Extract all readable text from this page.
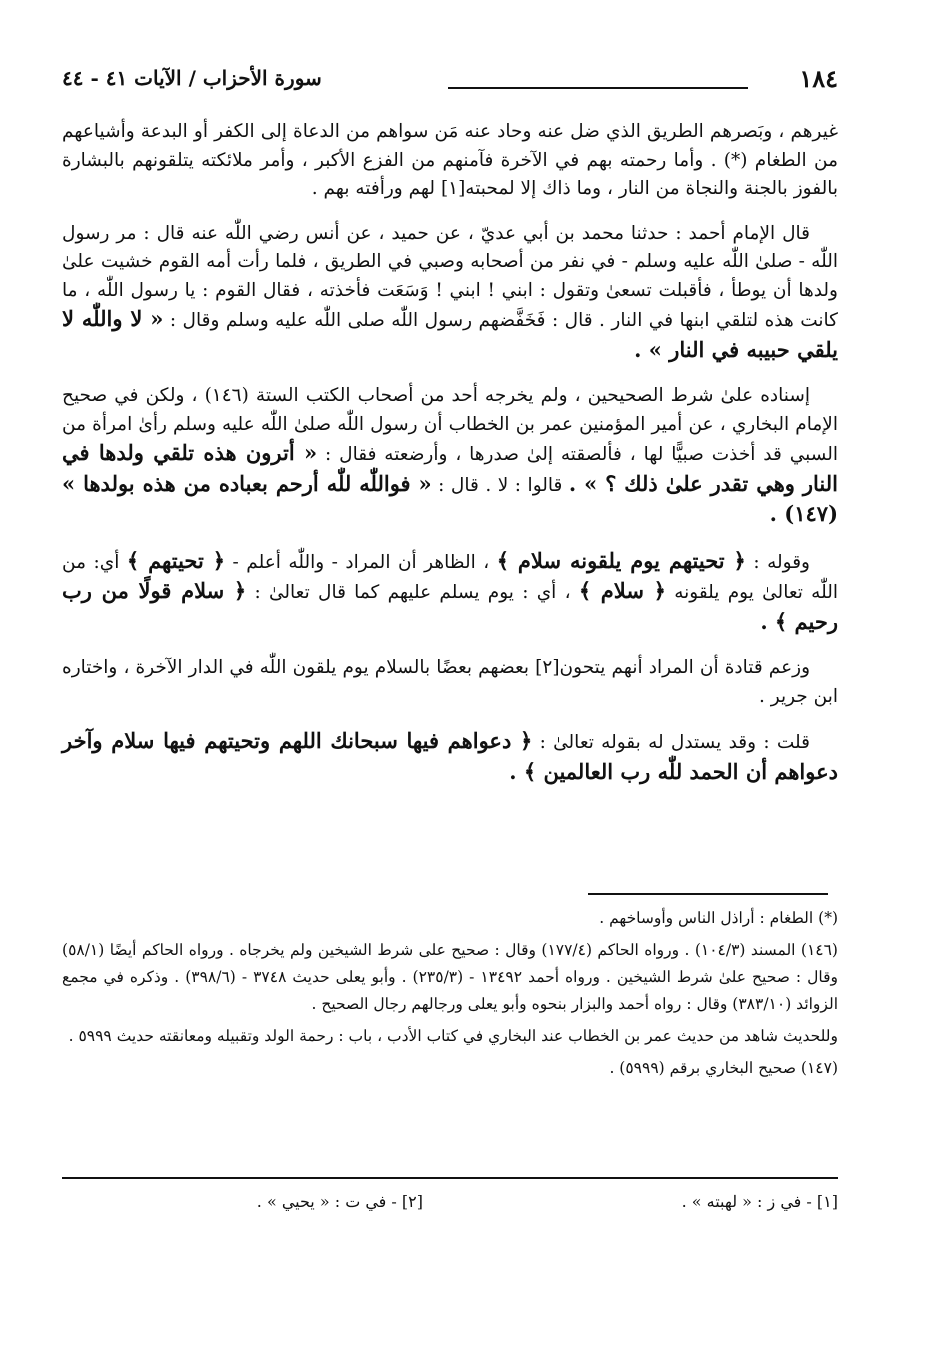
١٨٤
سورة الأحزاب / الآيات ٤١ - ٤٤

غيرهم ، وبَصرهم الطريق الذي ضل عنه وحاد عنه مَن سواهم من الدعاة إلى الكفر أو البدعة وأشياعهم من الطغام (*) . وأما رحمته بهم في الآخرة فآمنهم من الفزع الأكبر ، وأمر ملائكته يتلقونهم بالبشارة بالفوز بالجنة والنجاة من النار ، وما ذاك إلا لمحبته[١] لهم ورأفته بهم .

قال الإمام أحمد : حدثنا محمد بن أبي عديّ ، عن حميد ، عن أنس رضي اللّٰه عنه قال : مر رسول اللّٰه - صلىٰ اللّٰه عليه وسلم - في نفر من أصحابه وصبي في الطريق ، فلما رأت أمه القوم خشيت علىٰ ولدها أن يوطأ ، فأقبلت تسعىٰ وتقول : ابني ! ابني ! وَسَعَت فأخذته ، فقال القوم : يا رسول اللّٰه ، ما كانت هذه لتلقي ابنها في النار . قال : فَخَفَّضهم رسول اللّٰه صلى اللّٰه عليه وسلم وقال : « لا واللّٰه لا يلقي حبيبه في النار » .

إسناده علىٰ شرط الصحيحين ، ولم يخرجه أحد من أصحاب الكتب الستة (١٤٦) ، ولكن في صحيح الإمام البخاري ، عن أمير المؤمنين عمر بن الخطاب أن رسول اللّٰه صلىٰ اللّٰه عليه وسلم رأىٰ امرأة من السبي قد أخذت صبيًّا لها ، فألصقته إلىٰ صدرها ، وأرضعته فقال : « أترون هذه تلقي ولدها في النار وهي تقدر علىٰ ذلك ؟ » . قالوا : لا . قال : « فواللّٰه للّٰه أرحم بعباده من هذه بولدها » (١٤٧) .

وقوله : ﴿ تحيتهم يوم يلقونه سلام ﴾ ، الظاهر أن المراد - واللّٰه أعلم - ﴿ تحيتهم ﴾ أي: من اللّٰه تعالىٰ يوم يلقونه ﴿ سلام ﴾ ، أي : يوم يسلم عليهم كما قال تعالىٰ : ﴿ سلام قولًا من رب رحيم ﴾ .

وزعم قتادة أن المراد أنهم يتحون[٢] بعضهم بعضًا بالسلام يوم يلقون اللّٰه في الدار الآخرة ، واختاره ابن جرير .

قلت : وقد يستدل له بقوله تعالىٰ : ﴿ دعواهم فيها سبحانك اللهم وتحيتهم فيها سلام وآخر دعواهم أن الحمد للّٰه رب العالمين ﴾ .

(*) الطغام : أراذل الناس وأوساخهم .

(١٤٦) المسند (١٠٤/٣) . ورواه الحاكم (١٧٧/٤) وقال : صحيح على شرط الشيخين ولم يخرجاه . ورواه الحاكم أيضًا (٥٨/١) وقال : صحيح علىٰ شرط الشيخين . ورواه أحمد ١٣٤٩٢ - (٢٣٥/٣) . وأبو يعلى حديث ٣٧٤٨ - (٣٩٨/٦) . وذكره في مجمع الزوائد (٣٨٣/١٠) وقال : رواه أحمد والبزار بنحوه وأبو يعلى ورجالهم رجال الصحيح .

وللحديث شاهد من حديث عمر بن الخطاب عند البخاري في كتاب الأدب ، باب : رحمة الولد وتقبيله ومعانقته حديث ٥٩٩٩ .

(١٤٧) صحيح البخاري برقم (٥٩٩٩) .

[١] - في ز : « لهبته » .
[٢] - في ت : « يحيي » .
